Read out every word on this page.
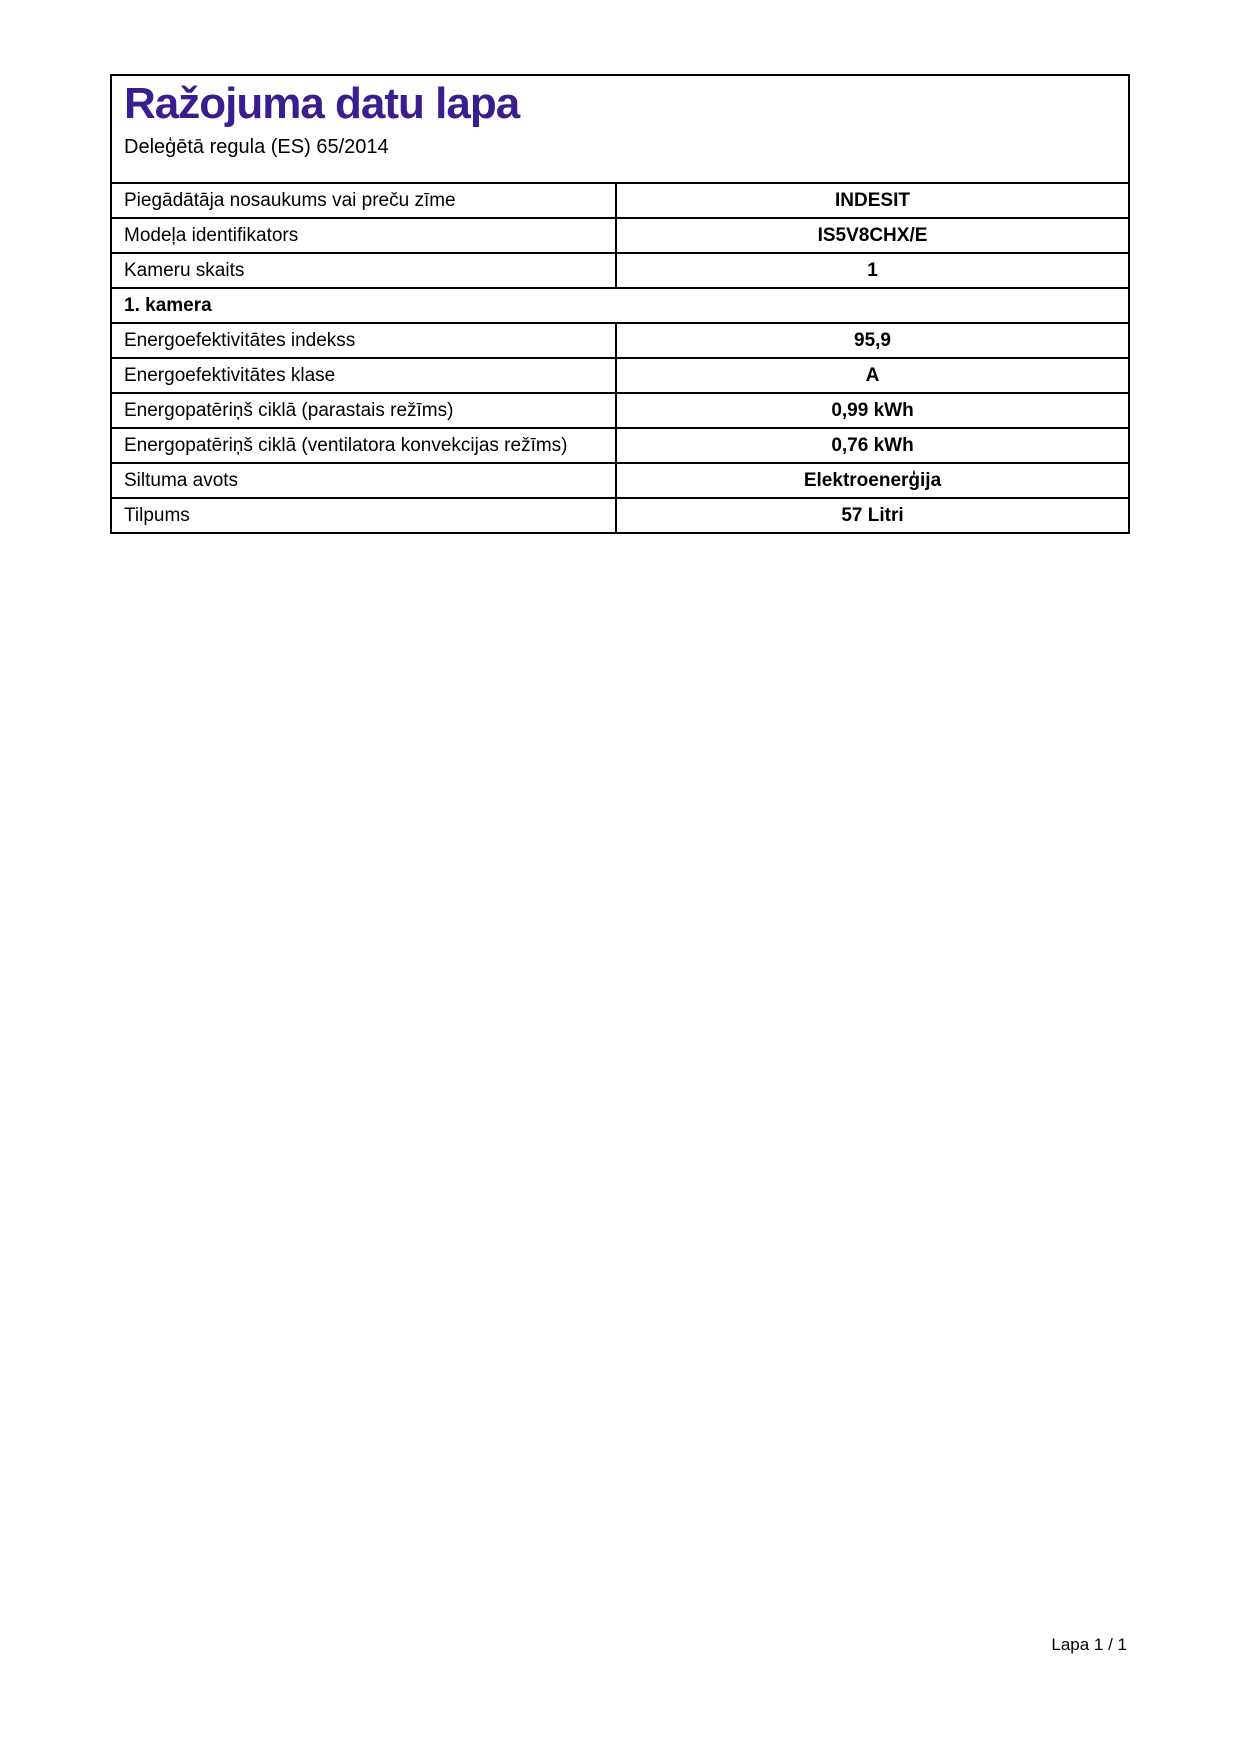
Ražojuma datu lapa

Deleģētā regula (ES) 65/2014

Piegādātāja nosaukums vai preču zīme	INDESIT
Modeļa identifikators	IS5V8CHX/E
Kameru skaits	1
1. kamera
Energoefektivitātes indekss	95,9
Energoefektivitātes klase	A
Energopatēriņš ciklā (parastais režīms)	0,99 kWh
Energopatēriņš ciklā (ventilatora konvekcijas režīms)	0,76 kWh
Siltuma avots	Elektroenerģija
Tilpums	57 Litri
Lapa 1 / 1
